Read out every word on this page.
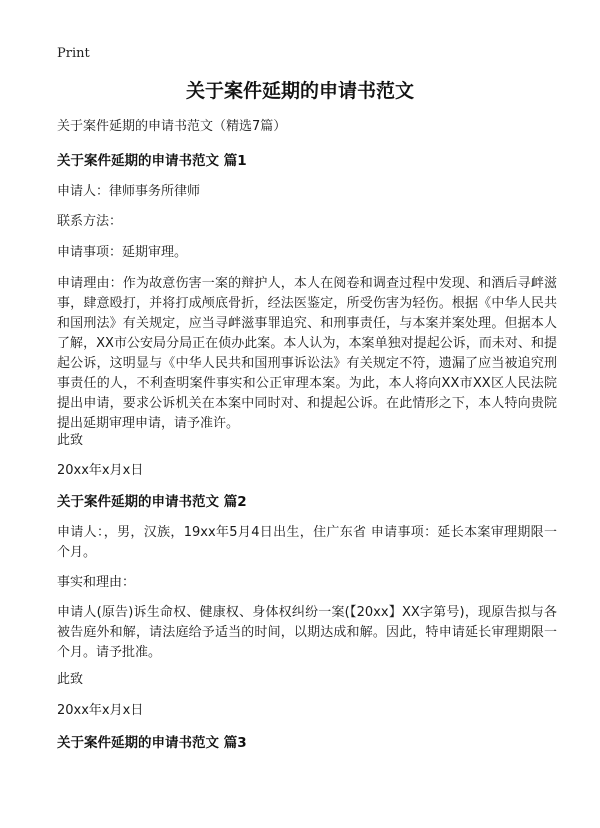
Print
关于案件延期的申请书范文
关于案件延期的申请书范文（精选7篇）
关于案件延期的申请书范文 篇1
申请人：律师事务所律师
联系方法：
申请事项：延期审理。
申请理由：作为故意伤害一案的辩护人，本人在阅卷和调查过程中发现、和酒后寻衅滋事，肆意殴打，并将打成颅底骨折，经法医鉴定，所受伤害为轻伤。根据《中华人民共和国刑法》有关规定，应当寻衅滋事罪追究、和刑事责任，与本案并案处理。但据本人了解，XX市公安局分局正在侦办此案。本人认为，本案单独对提起公诉，而未对、和提起公诉，这明显与《中华人民共和国刑事诉讼法》有关规定不符，遗漏了应当被追究刑事责任的人，不利查明案件事实和公正审理本案。为此，本人将向XX市XX区人民法院提出申请，要求公诉机关在本案中同时对、和提起公诉。在此情形之下，本人特向贵院提出延期审理申请，请予准许。
此致
20xx年x月x日
关于案件延期的申请书范文 篇2
申请人：，男，汉族，19xx年5月4日出生，住广东省 申请事项：延长本案审理期限一个月。
事实和理由：
申请人(原告)诉生命权、健康权、身体权纠纷一案(【20xx】XX字第号)，现原告拟与各被告庭外和解，请法庭给予适当的时间，以期达成和解。因此，特申请延长审理期限一个月。请予批准。
此致
20xx年x月x日
关于案件延期的申请书范文 篇3
